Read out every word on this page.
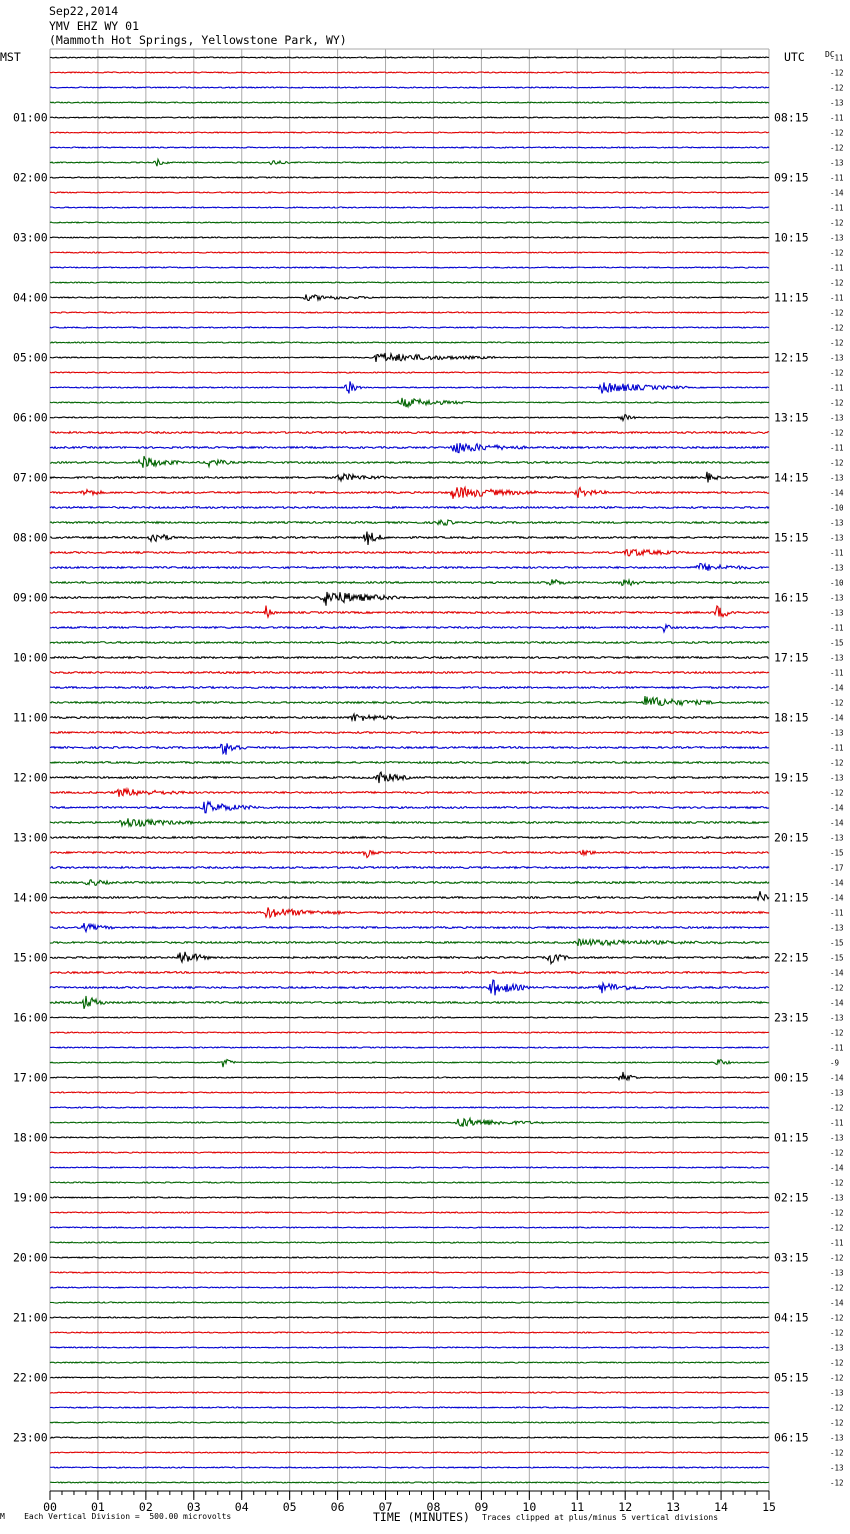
Sep22,2014
YMV EHZ WY 01
(Mammoth Hot Springs, Yellowstone Park, WY)
MST	UTC	DC
-11
-12
-12
-13
-11
-12
-12
-13
-11
-14
-11
-12
-13
-12
-11
-12
-11
-12
-12
-12
-13
-12
-11
-12
-13
-12
-11
-12
-13
-14
-10
-13
-13
-11
-13
-10
-13
-13
-11
-15
-13
-11
-14
-12
-14
-13
-11
-12
-13
-12
-14
-14
-13
-15
-17
-14
-14
-11
-13
-15
-15
-14
-12
-14
-13
-12
-11
-9
-14
-13
-12
-11
-13
-12
-14
-12
-13
-12
-12
-11
-12
-13
-12
-14
-12
-12
-13
-12
-12
-13
-12
-12
-13
-12
-13
-12
01:00	08:15
02:00	09:15
03:00	10:15
04:00	11:15
05:00	12:15
06:00	13:15
07:00	14:15
08:00	15:15
09:00	16:15
10:00	17:15
11:00	18:15
12:00	19:15
13:00	20:15
14:00	21:15
15:00	22:15
16:00	23:15
17:00	00:15
18:00	01:15
19:00	02:15
20:00	03:15
21:00	04:15
22:00	05:15
23:00	06:15
00	01	02	03	04	05	06	07	08	09	10	11	12	13	14	15
M Each Vertical Division =  500.00 microvolts	TIME (MINUTES) Traces clipped at plus/minus 5 vertical divisions
